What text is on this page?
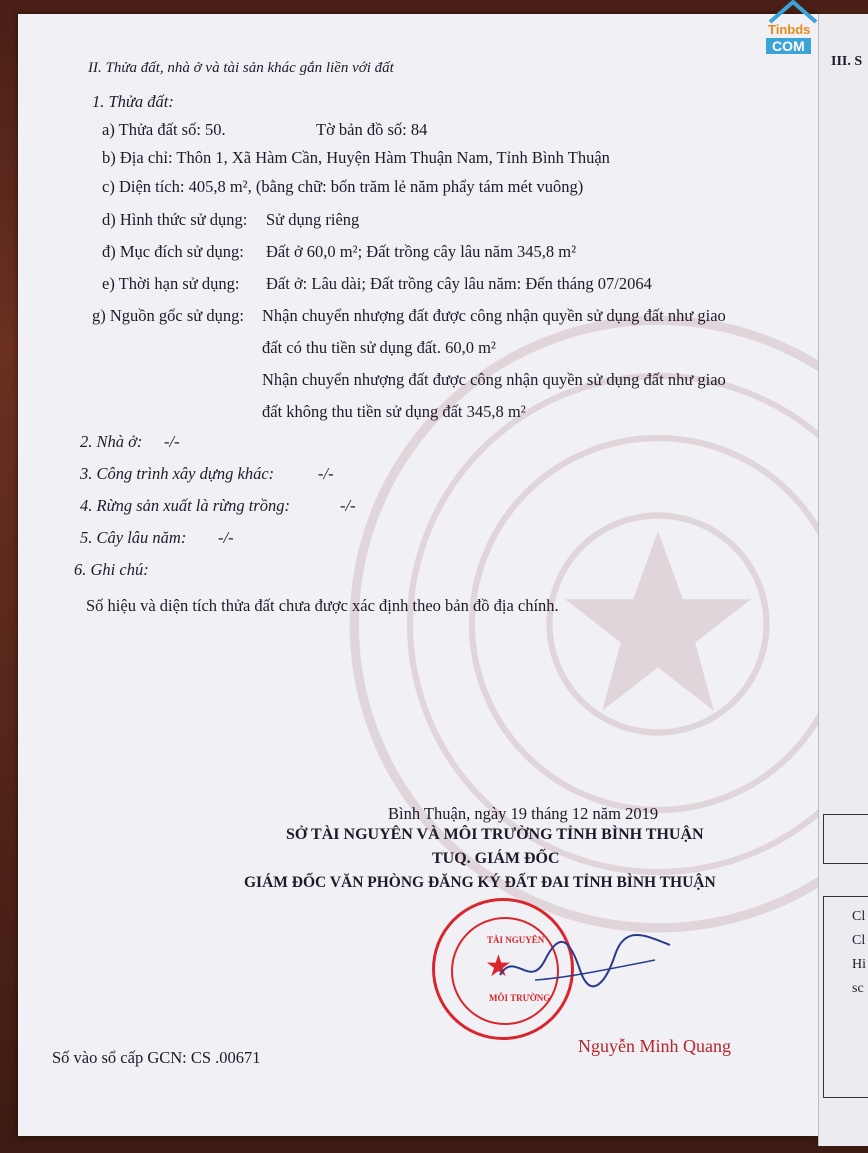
II. Thửa đất, nhà ở và tài sản khác gắn liền với đất
1. Thửa đất:
a) Thửa đất số: 50.	Tờ bản đồ số: 84
b) Địa chỉ: Thôn 1, Xã Hàm Cần, Huyện Hàm Thuận Nam, Tỉnh Bình Thuận
c) Diện tích: 405,8 m², (bằng chữ: bốn trăm lẻ năm phẩy tám mét vuông)
d) Hình thức sử dụng: Sử dụng riêng
đ) Mục đích sử dụng: Đất ở 60,0 m²; Đất trồng cây lâu năm 345,8 m²
e) Thời hạn sử dụng: Đất ở: Lâu dài; Đất trồng cây lâu năm: Đến tháng 07/2064
g) Nguồn gốc sử dụng: Nhận chuyển nhượng đất được công nhận quyền sử dụng đất như giao
đất có thu tiền sử dụng đất. 60,0 m²
Nhận chuyển nhượng đất được công nhận quyền sử dụng đất như giao
đất không thu tiền sử dụng đất 345,8 m²
2. Nhà ở: -/-
3. Công trình xây dựng khác:	-/-
4. Rừng sản xuất là rừng trồng:	-/-
5. Cây lâu năm: -/-
6. Ghi chú:
Số hiệu và diện tích thửa đất chưa được xác định theo bản đồ địa chính.
Bình Thuận, ngày 19 tháng 12 năm 2019
SỞ TÀI NGUYÊN VÀ MÔI TRƯỜNG TỈNH BÌNH THUẬN
TUQ. GIÁM ĐỐC
GIÁM ĐỐC VĂN PHÒNG ĐĂNG KÝ ĐẤT ĐAI TỈNH BÌNH THUẬN
Nguyễn Minh Quang
Số vào sổ cấp GCN: CS .00671
★
TÀI NGUYÊN
MÔI TRƯỜNG
III. S
Cl
Cl
Hi
sc
Tinbds
COM
